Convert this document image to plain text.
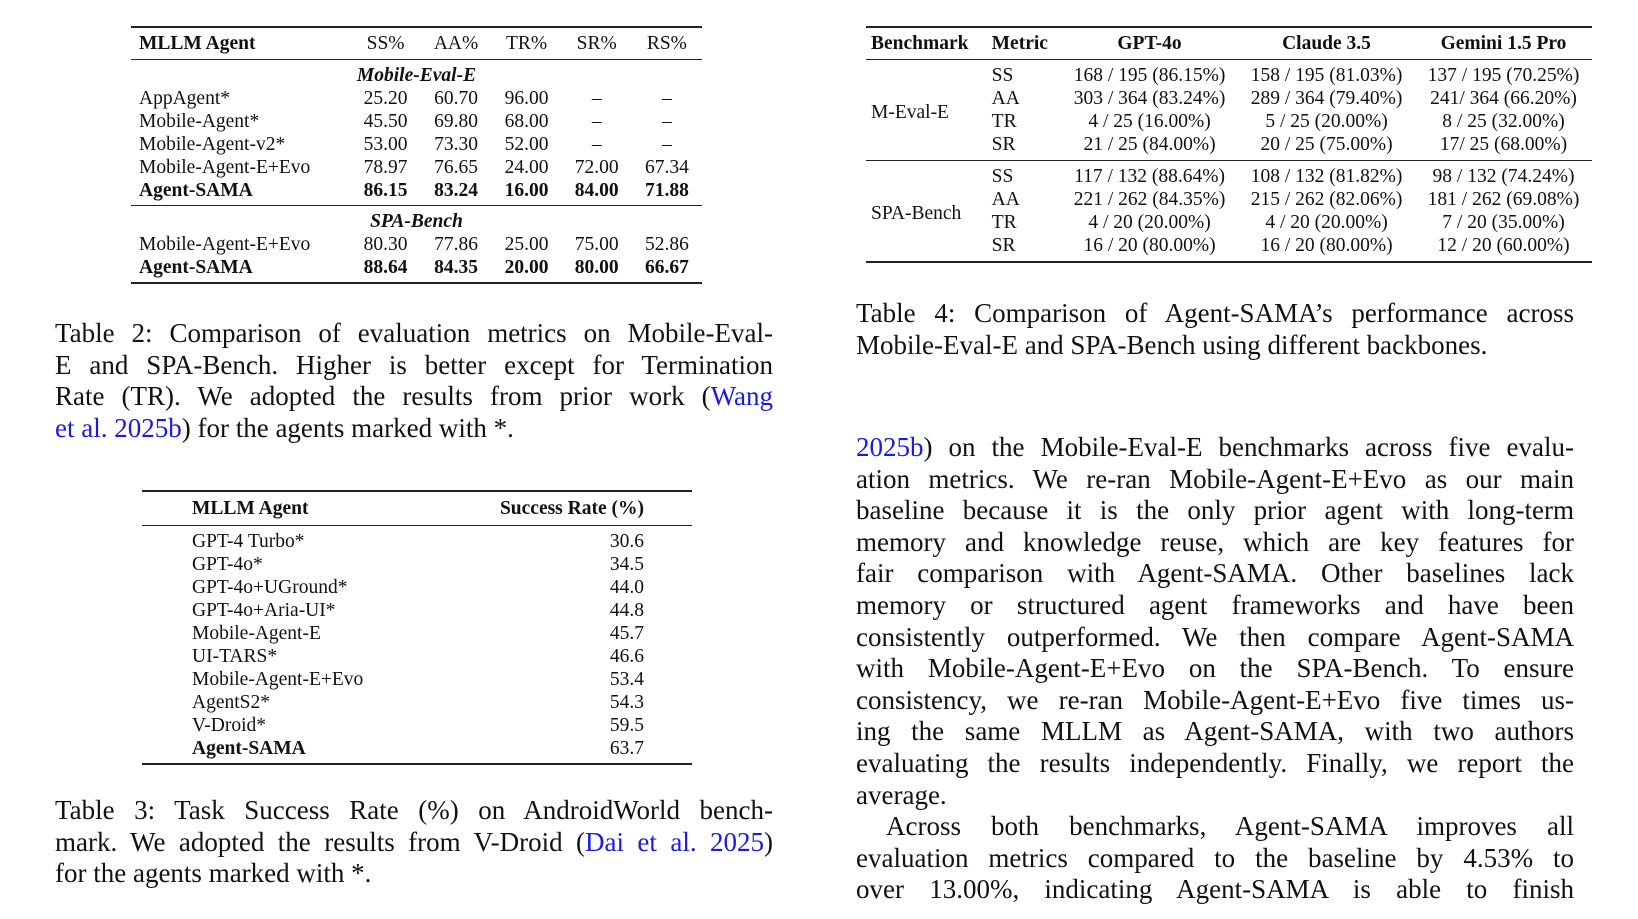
MLLM Agent	SS%	AA%	TR%	SR%	RS%
Mobile-Eval-E					
AppAgent*	25.20	60.70	96.00	–	–
Mobile-Agent*	45.50	69.80	68.00	–	–
Mobile-Agent-v2*	53.00	73.30	52.00	–	–
Mobile-Agent-E+Evo	78.97	76.65	24.00	72.00	67.34
Agent-SAMA	86.15	83.24	16.00	84.00	71.88
SPA-Bench					
Mobile-Agent-E+Evo	80.30	77.86	25.00	75.00	52.86
Agent-SAMA	88.64	84.35	20.00	80.00	66.67
Table 2: Comparison of evaluation metrics on Mobile-Eval-
E and SPA-Bench. Higher is better except for Termination
Rate (TR). We adopted the results from prior work (Wang
et al. 2025b) for the agents marked with *.
MLLM Agent	Success Rate (%)
GPT-4 Turbo*	30.6
GPT-4o*	34.5
GPT-4o+UGround*	44.0
GPT-4o+Aria-UI*	44.8
Mobile-Agent-E	45.7
UI-TARS*	46.6
Mobile-Agent-E+Evo	53.4
AgentS2*	54.3
V-Droid*	59.5
Agent-SAMA	63.7
Table 3: Task Success Rate (%) on AndroidWorld bench-
mark. We adopted the results from V-Droid (Dai et al. 2025)
for the agents marked with *.
Benchmark	Metric	GPT-4o	Claude 3.5	Gemini 1.5 Pro
M-Eval-E	SS	168 / 195 (86.15%)	158 / 195 (81.03%)	137 / 195 (70.25%)
	AA	303 / 364 (83.24%)	289 / 364 (79.40%)	241/ 364 (66.20%)
	TR	4 / 25 (16.00%)	5 / 25 (20.00%)	8 / 25 (32.00%)
	SR	21 / 25 (84.00%)	20 / 25 (75.00%)	17/ 25 (68.00%)
SPA-Bench	SS	117 / 132 (88.64%)	108 / 132 (81.82%)	98 / 132 (74.24%)
	AA	221 / 262 (84.35%)	215 / 262 (82.06%)	181 / 262 (69.08%)
	TR	4 / 20 (20.00%)	4 / 20 (20.00%)	7 / 20 (35.00%)
	SR	16 / 20 (80.00%)	16 / 20 (80.00%)	12 / 20 (60.00%)
Table 4: Comparison of Agent-SAMA’s performance across
Mobile-Eval-E and SPA-Bench using different backbones.
2025b) on the Mobile-Eval-E benchmarks across five evalu-
ation metrics. We re-ran Mobile-Agent-E+Evo as our main
baseline because it is the only prior agent with long-term
memory and knowledge reuse, which are key features for
fair comparison with Agent-SAMA. Other baselines lack
memory or structured agent frameworks and have been
consistently outperformed. We then compare Agent-SAMA
with Mobile-Agent-E+Evo on the SPA-Bench. To ensure
consistency, we re-ran Mobile-Agent-E+Evo five times us-
ing the same MLLM as Agent-SAMA, with two authors
evaluating the results independently. Finally, we report the
average.
Across both benchmarks, Agent-SAMA improves all
evaluation metrics compared to the baseline by 4.53% to
over 13.00%, indicating Agent-SAMA is able to finish
